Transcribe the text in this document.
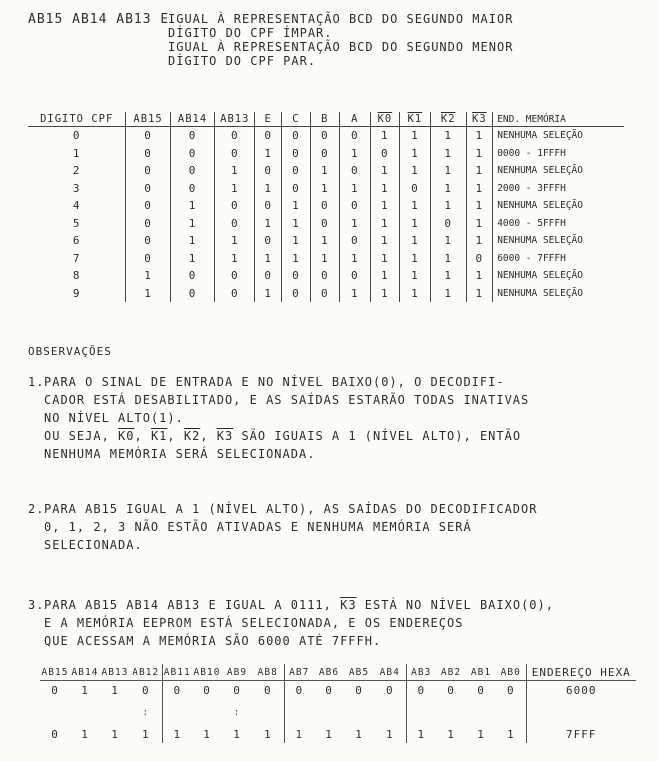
AB15 AB14 AB13 E
IGUAL À REPRESENTAÇÃO BCD DO SEGUNDO MAIOR
DÍGITO DO CPF ÍMPAR.
IGUAL À REPRESENTAÇÃO BCD DO SEGUNDO MENOR
DÍGITO DO CPF PAR.
DIGITO CPF	AB15	AB14	AB13	E	C	B	A	K0	K1	K2	K3	END. MEMÓRIA
0	0	0	0	0	0	0	0	1	1	1	1	NENHUMA SELEÇÃO
1	0	0	0	1	0	0	1	0	1	1	1	0000 - 1FFFH
2	0	0	1	0	0	1	0	1	1	1	1	NENHUMA SELEÇÃO
3	0	0	1	1	0	1	1	1	0	1	1	2000 - 3FFFH
4	0	1	0	0	1	0	0	1	1	1	1	NENHUMA SELEÇÃO
5	0	1	0	1	1	0	1	1	1	0	1	4000 - 5FFFH
6	0	1	1	0	1	1	0	1	1	1	1	NENHUMA SELEÇÃO
7	0	1	1	1	1	1	1	1	1	1	0	6000 - 7FFFH
8	1	0	0	0	0	0	0	1	1	1	1	NENHUMA SELEÇÃO
9	1	0	0	1	0	0	1	1	1	1	1	NENHUMA SELEÇÃO
OBSERVAÇÕES
1.PARA O SINAL DE ENTRADA E NO NÍVEL BAIXO(0), O DECODIFI-
CADOR ESTÁ DESABILITADO, E AS SAÍDAS ESTARÃO TODAS INATIVAS
NO NÍVEL ALTO(1).
OU SEJA, K0, K1, K2, K3 SÃO IGUAIS A 1 (NÍVEL ALTO), ENTÃO
NENHUMA MEMÓRIA SERÁ SELECIONADA.
2.PARA AB15 IGUAL A 1 (NÍVEL ALTO), AS SAÍDAS DO DECODIFICADOR
0, 1, 2, 3 NÃO ESTÃO ATIVADAS E NENHUMA MEMÓRIA SERÁ
SELECIONADA.
3.PARA AB15 AB14 AB13 E IGUAL A 0111, K3 ESTÁ NO NÍVEL BAIXO(0),
E A MEMÓRIA EEPROM ESTÁ SELECIONADA, E OS ENDEREÇOS
QUE ACESSAM A MEMÓRIA SÃO 6000 ATÉ 7FFFH.
AB15	AB14	AB13	AB12	AB11	AB10	AB9	AB8	AB7	AB6	AB5	AB4	AB3	AB2	AB1	AB0	ENDEREÇO HEXA
0	1	1	0	0	0	0	0	0	0	0	0	0	0	0	0	6000
			:			:										
0	1	1	1	1	1	1	1	1	1	1	1	1	1	1	1	7FFF
